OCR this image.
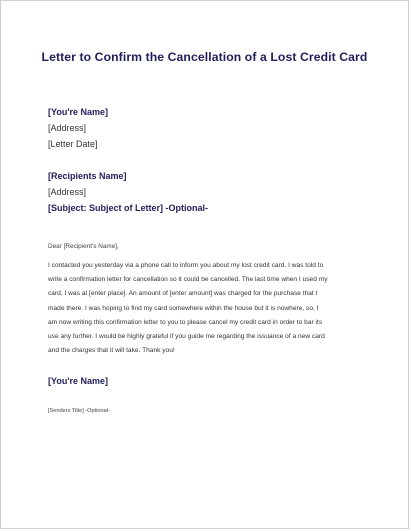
Letter to Confirm the Cancellation of a Lost Credit Card
[You're Name]
[Address]
[Letter Date]
[Recipients Name]
[Address]
[Subject: Subject of Letter] -Optional-
Dear [Recipient's Name],
I contacted you yesterday via a phone call to inform you about my lost credit card. I was told to
write a confirmation letter for cancellation so it could be cancelled. The last time when I used my
card, I was at [enter place]. An amount of [enter amount] was charged for the purchase that I
made there. I was hoping to find my card somewhere within the house but it is nowhere, so, I
am now writing this confirmation letter to you to please cancel my credit card in order to bar its
use any further. I would be highly grateful if you guide me regarding the issuance of a new card
and the charges that it will take. Thank you!
[You're Name]
[Senders Title] -Optional-
